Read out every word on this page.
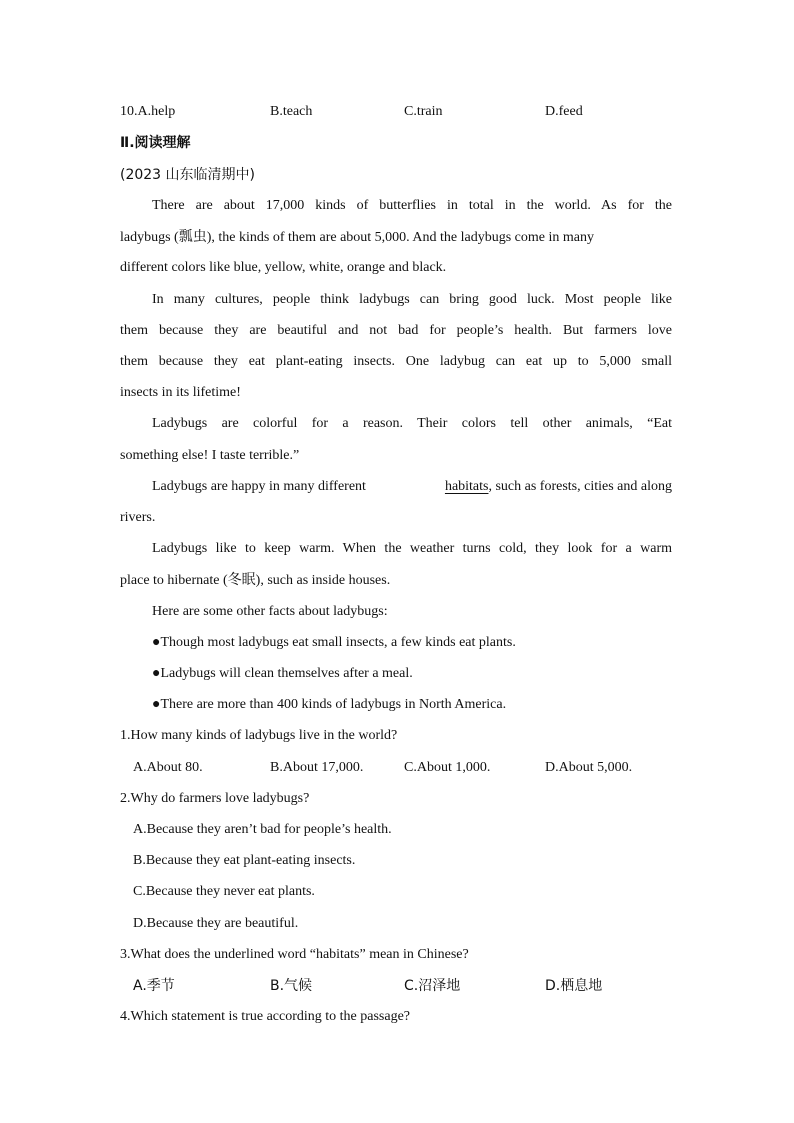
10.A.help	B.teach	C.train	D.feed
Ⅱ.阅读理解
(2023 山东临清期中)
There are about 17,000 kinds of butterflies in total in the world. As for the
ladybugs (瓢虫), the kinds of them are about 5,000. And the ladybugs come in many
different colors like blue, yellow, white, orange and black.
In many cultures, people think ladybugs can bring good luck. Most people like
them because they are beautiful and not bad for people’s health. But farmers love
them because they eat plant-eating insects. One ladybug can eat up to 5,000 small
insects in its lifetime!
Ladybugs are colorful for a reason. Their colors tell other animals, “Eat
something else! I taste terrible.”
Ladybugs are happy in many different	habitats, such as forests, cities and along
rivers.
Ladybugs like to keep warm. When the weather turns cold, they look for a warm
place to hibernate (冬眠), such as inside houses.
Here are some other facts about ladybugs:
●Though most ladybugs eat small insects, a few kinds eat plants.
●Ladybugs will clean themselves after a meal.
●There are more than 400 kinds of ladybugs in North America.
1.How many kinds of ladybugs live in the world?
A.About 80.	B.About 17,000.	C.About 1,000.	D.About 5,000.
2.Why do farmers love ladybugs?
A.Because they aren’t bad for people’s health.
B.Because they eat plant-eating insects.
C.Because they never eat plants.
D.Because they are beautiful.
3.What does the underlined word “habitats” mean in Chinese?
A.季节	B.气候	C.沼泽地	D.栖息地
4.Which statement is true according to the passage?
